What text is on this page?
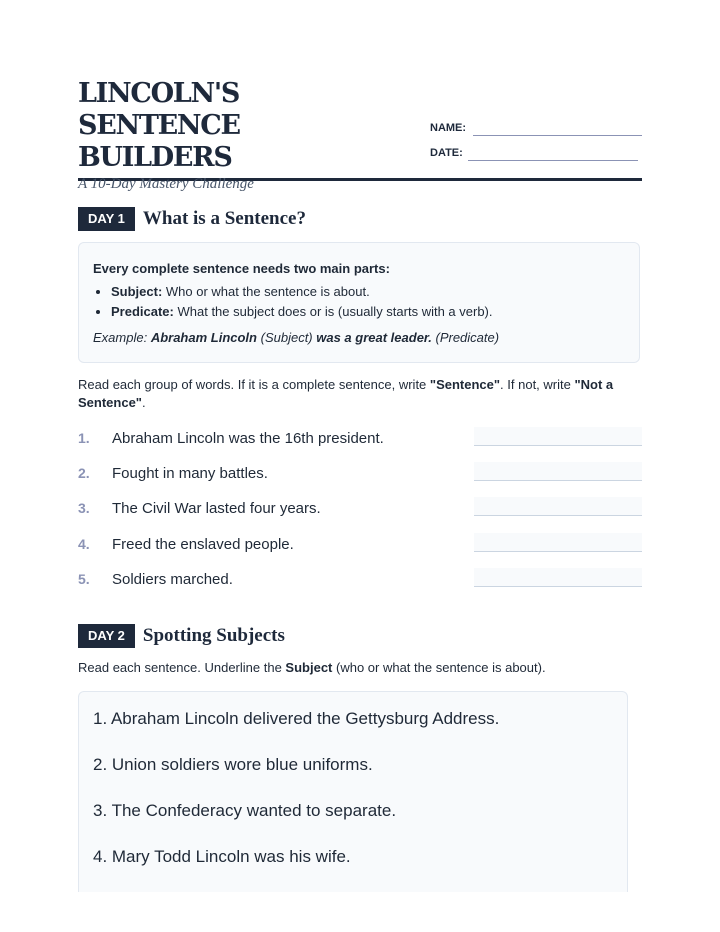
LINCOLN'S SENTENCE BUILDERS
A 10-Day Mastery Challenge
NAME:
DATE:
DAY 1 What is a Sentence?
Every complete sentence needs two main parts:
• Subject: Who or what the sentence is about.
• Predicate: What the subject does or is (usually starts with a verb).
Example: Abraham Lincoln (Subject) was a great leader. (Predicate)
Read each group of words. If it is a complete sentence, write "Sentence". If not, write "Not a Sentence".
1. Abraham Lincoln was the 16th president.
2. Fought in many battles.
3. The Civil War lasted four years.
4. Freed the enslaved people.
5. Soldiers marched.
DAY 2 Spotting Subjects
Read each sentence. Underline the Subject (who or what the sentence is about).
1. Abraham Lincoln delivered the Gettysburg Address.
2. Union soldiers wore blue uniforms.
3. The Confederacy wanted to separate.
4. Mary Todd Lincoln was his wife.
